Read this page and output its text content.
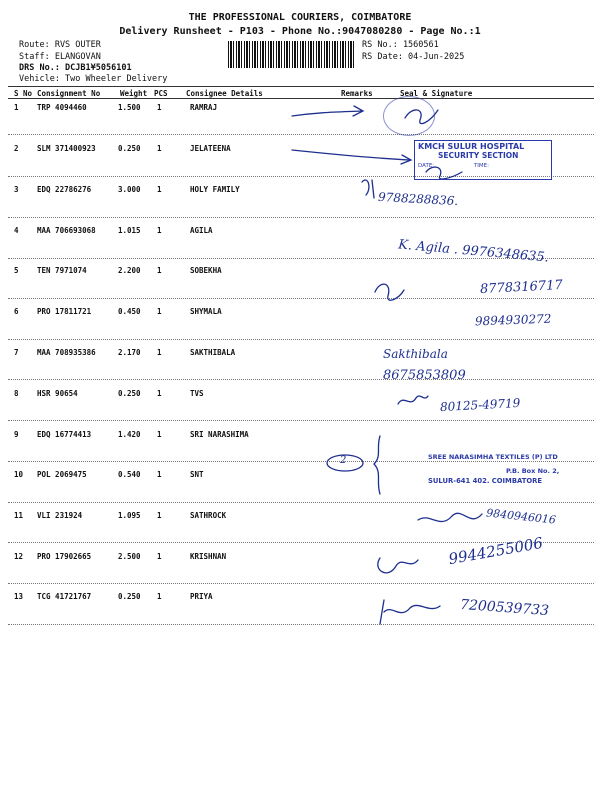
THE PROFESSIONAL COURIERS, COIMBATORE
Delivery Runsheet - P103 - Phone No.:9047080280 - Page No.:1
Route: RVS OUTER
Staff: ELANGOVAN
DRS No.: DCJB1¥5056101
Vehicle: Two Wheeler Delivery
RS No.: 1560561
RS Date: 04-Jun-2025
S No Consignment No	Weight PCS Consignee Details	Remarks	Seal & Signature
1 TRP 4094460	1.500 1	RAMRAJ
2 SLM 371400923	0.250 1	JELATEENA
3 EDQ 22786276	3.000 1	HOLY FAMILY
4 MAA 706693068	1.015 1	AGILA
5 TEN 7971074	2.200 1	SOBEKHA
6 PRO 17811721	0.450 1	SHYMALA
7 MAA 708935386	2.170 1	SAKTHIBALA
8 HSR 90654	0.250 1	TVS
9 EDQ 16774413	1.420 1	SRI NARASHIMA
10 POL 2069475	0.540 1	SNT
11 VLI 231924	1.095 1	SATHROCK
12 PRO 17902665	2.500 1	KRISHNAN
13 TCG 41721767	0.250 1	PRIYA
KMCH SULUR HOSPITAL
SECURITY SECTION
DATE:	TIME:
SREE NARASIMHA TEXTILES (P) LTD
P.B. Box No. 2,
SULUR-641 402. COIMBATORE
9788288836.
K. Agila . 9976348635.
8778316717
9894930272
Sakthibala
8675853809
80125-49719
2
9840946016
9944255006
7200539733
